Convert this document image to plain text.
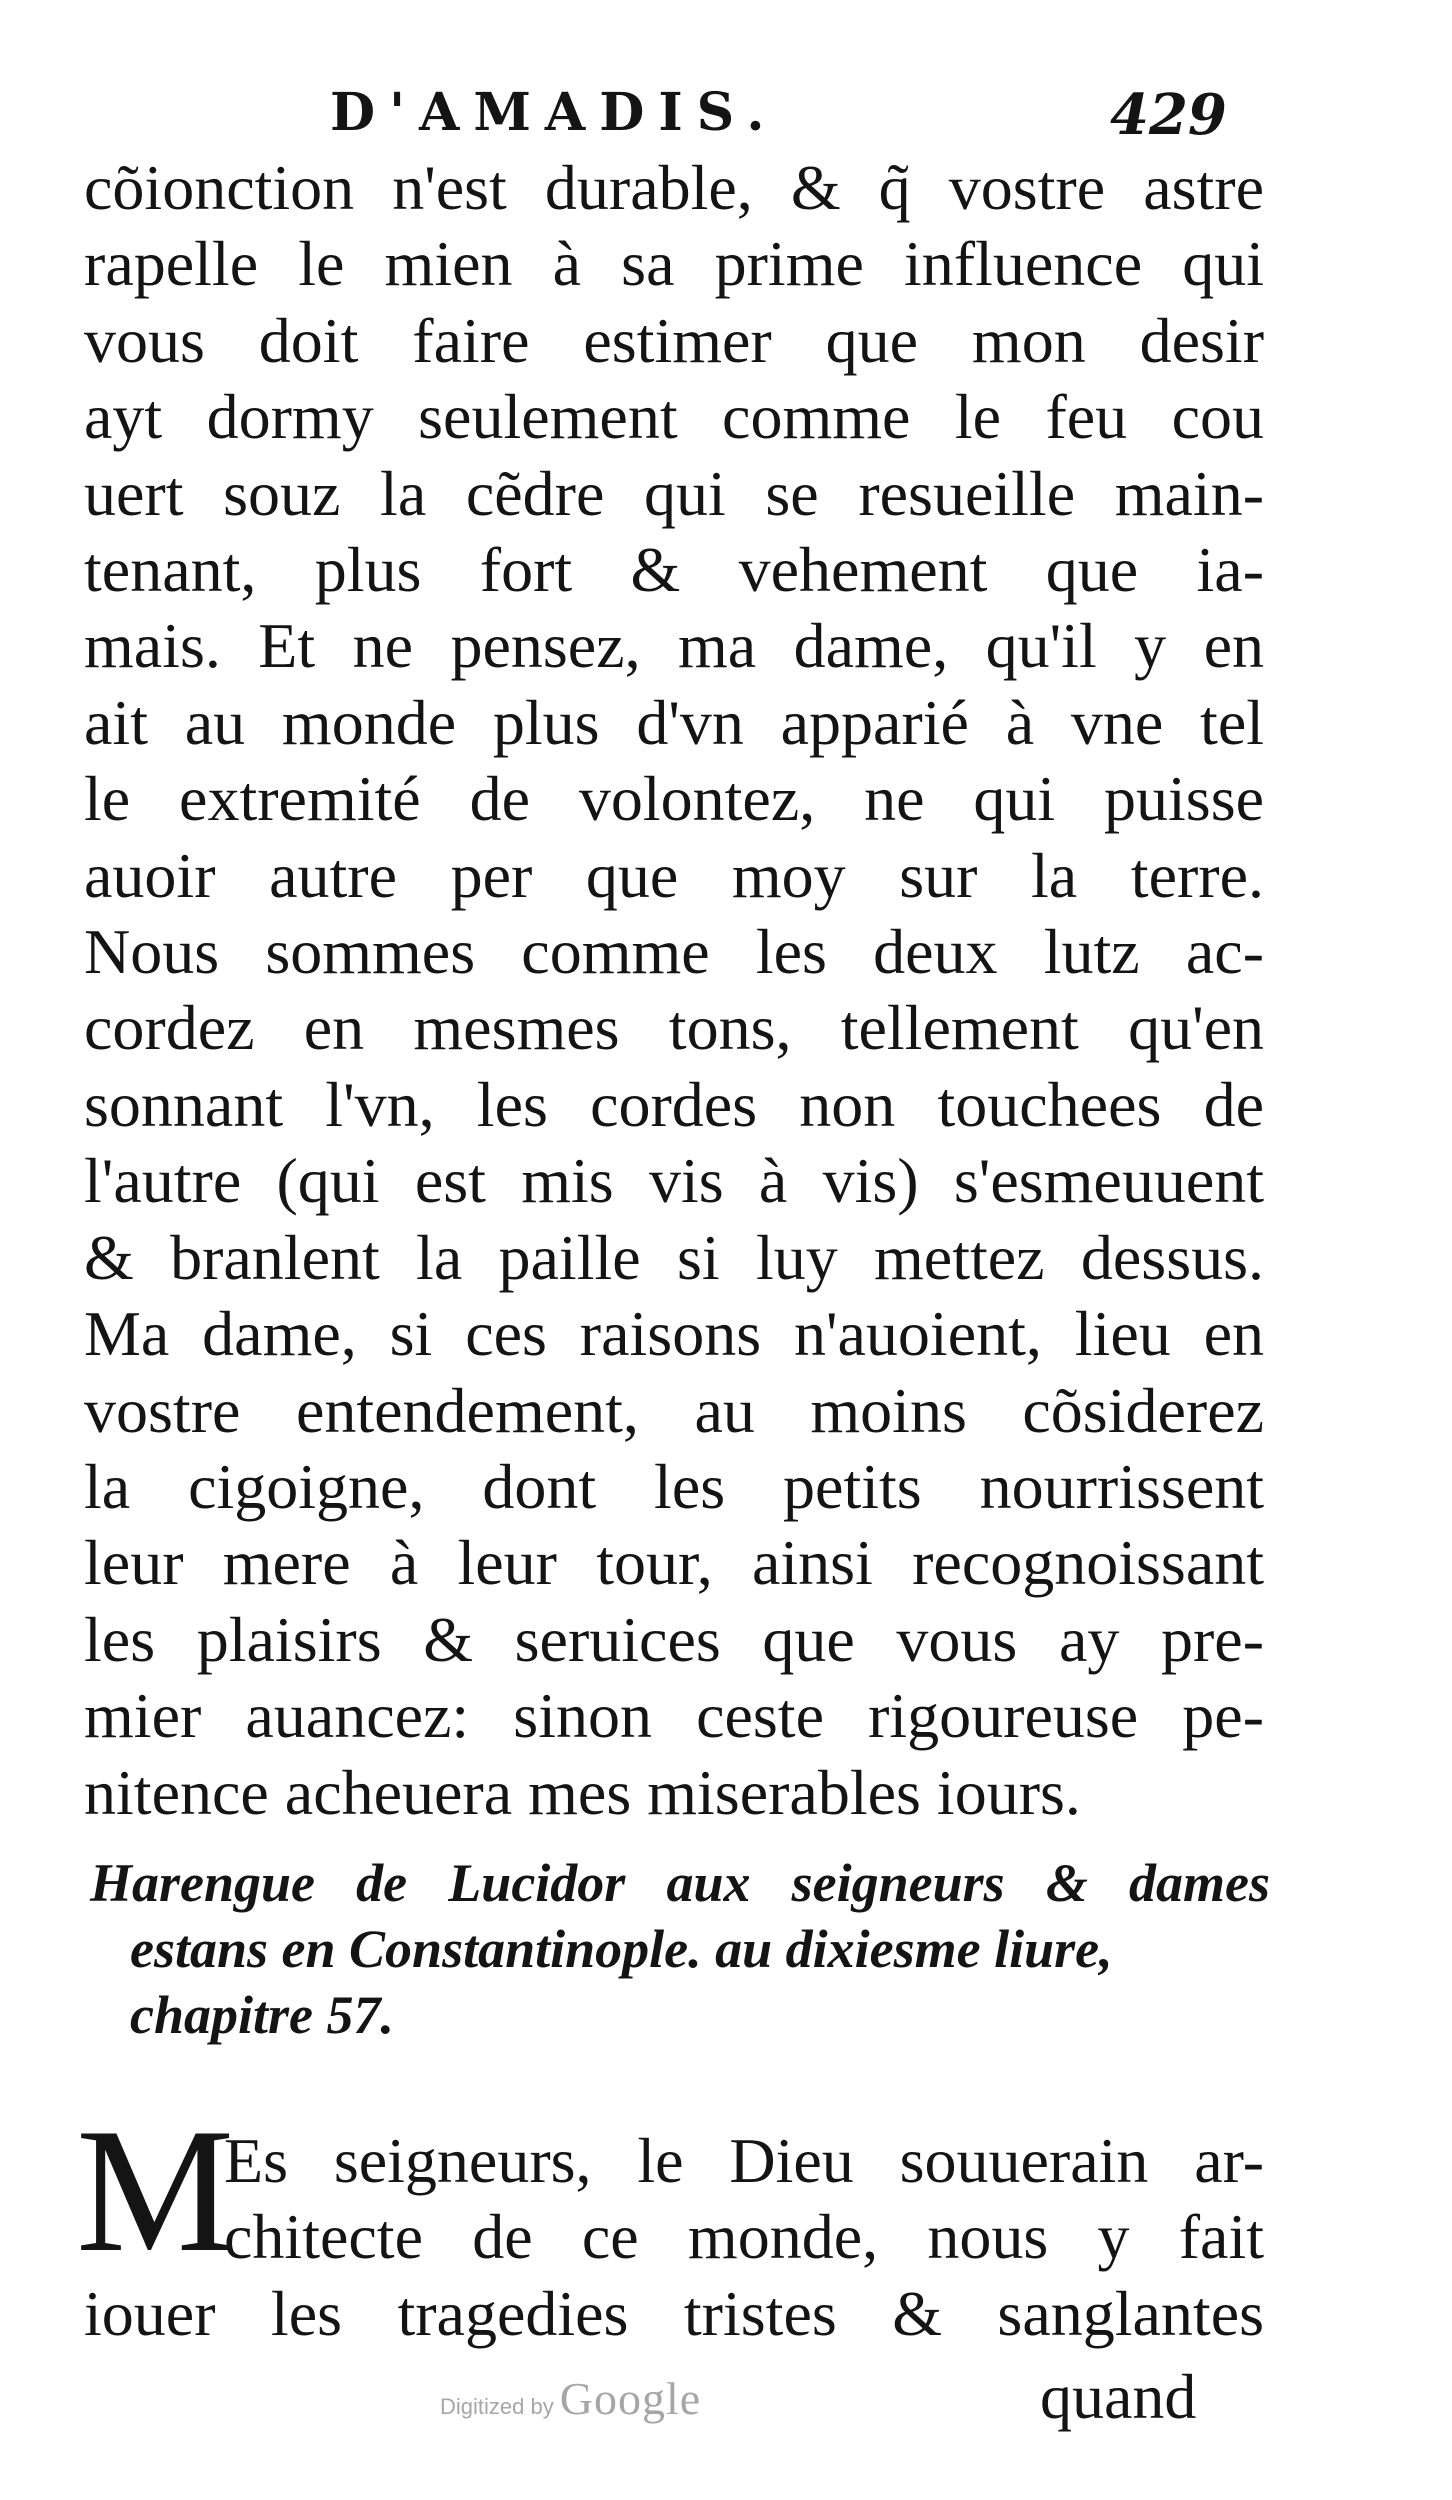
D'AMADIS.	429
cõionction n'est durable, & q̃ vostre astre
rapelle le mien à sa prime influence qui
vous doit faire estimer que mon desir
ayt dormy seulement comme le feu cou
uert souz la cẽdre qui se resueille main-
tenant, plus fort & vehement que ia-
mais. Et ne pensez, ma dame, qu'il y en
ait au monde plus d'vn apparié à vne tel
le extremité de volontez, ne qui puisse
auoir autre per que moy sur la terre.
Nous sommes comme les deux lutz ac-
cordez en mesmes tons, tellement qu'en
sonnant l'vn, les cordes non touchees de
l'autre (qui est mis vis à vis) s'esmeuuent
& branlent la paille si luy mettez dessus.
Ma dame, si ces raisons n'auoient, lieu en
vostre entendement, au moins cõsiderez
la cigoigne, dont les petits nourrissent
leur mere à leur tour, ainsi recognoissant
les plaisirs & seruices que vous ay pre-
mier auancez: sinon ceste rigoureuse pe-
nitence acheuera mes miserables iours.
Harengue de Lucidor aux seigneurs & dames
estans en Constantinople. au dixiesme liure,
chapitre 57.
M
Es seigneurs, le Dieu souuerain ar-
chitecte de ce monde, nous y fait
iouer les tragedies tristes & sanglantes
quand
Digitized by Google
